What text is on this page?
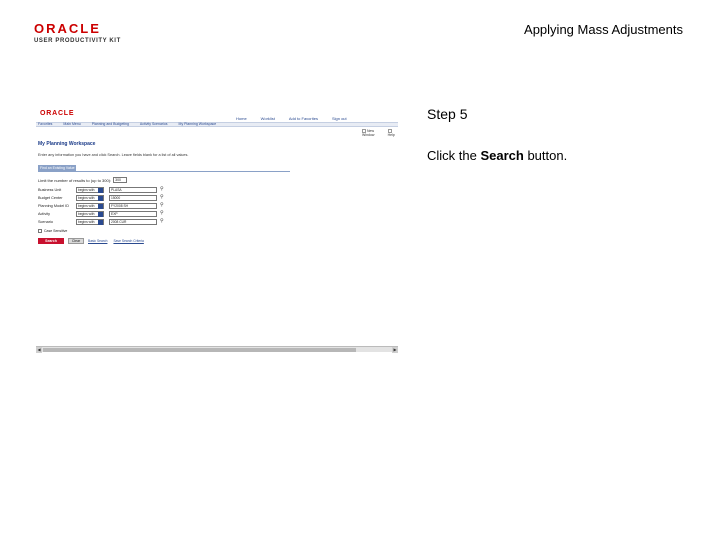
ORACLE
USER PRODUCTIVITY KIT
Applying Mass Adjustments
ORACLE
Home	Worklist	Add to Favorites	Sign out
Favorites	Main Menu	Planning and Budgeting	Activity Scenarios	My Planning Workspace
New Window	Help
My Planning Workspace
Enter any information you have and click Search. Leave fields blank for a list of all values.
Find an Existing Value
Limit the number of results to (up to 300):	300
Business Unit	begins with	PLASA	⚲
Budget Center	begins with	15000	⚲
Planning Model ID	begins with	FY2008 SH	⚲
Activity	begins with	EXP	⚲
Scenario	begins with	2008 CUR	⚲
Case Sensitive
Search	Clear	Basic Search Save Search Criteria
◀	▶
Step 5
Click the Search button.
